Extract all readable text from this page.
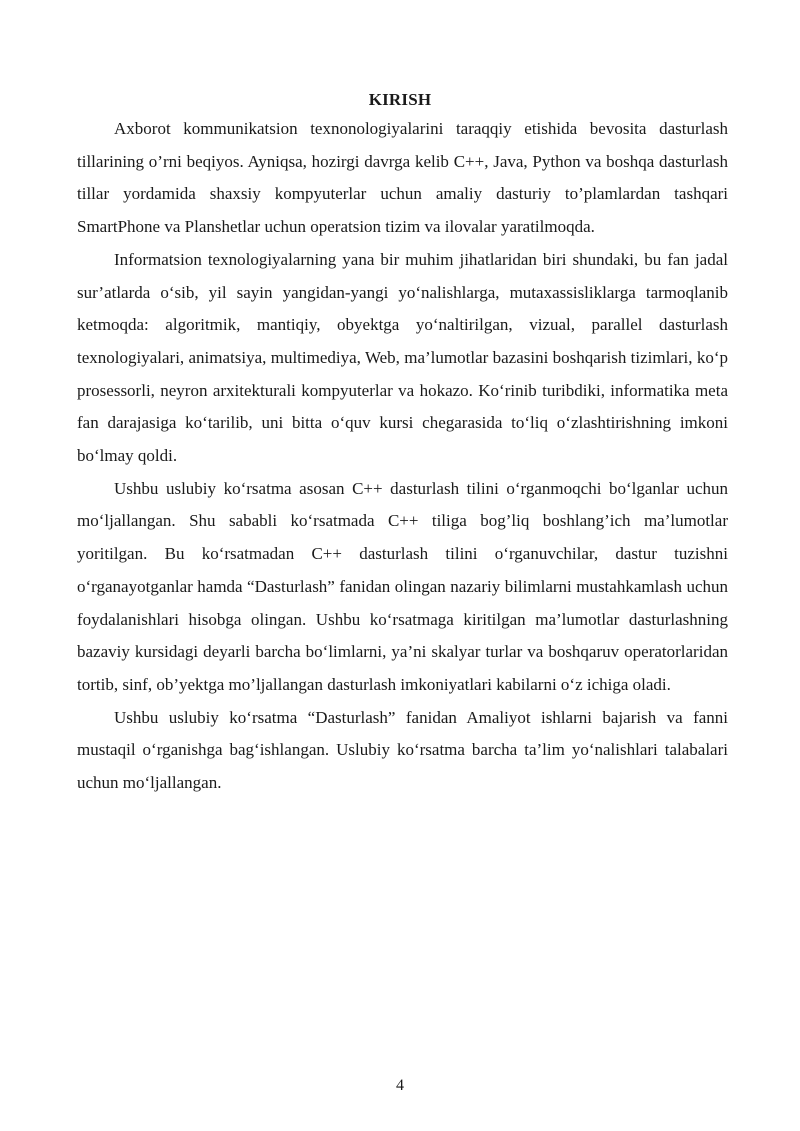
KIRISH

Axborot kommunikatsion texnonologiyalarini taraqqiy etishida bevosita dasturlash tillarining o’rni beqiyos. Ayniqsa, hozirgi davrga kelib C++, Java, Python va boshqa dasturlash tillar yordamida shaxsiy kompyuterlar uchun amaliy dasturiy to’plamlardan tashqari SmartPhone va Planshetlar uchun operatsion tizim va ilovalar yaratilmoqda.

Informatsion texnologiyalarning yana bir muhim jihatlaridan biri shundaki, bu fan jadal sur’atlarda o‘sib, yil sayin yangidan-yangi yo‘nalishlarga, mutaxassisliklarga tarmoqlanib ketmoqda: algoritmik, mantiqiy, obyektga yo‘naltirilgan, vizual, parallel dasturlash texnologiyalari, animatsiya, multimediya, Web, ma’lumotlar bazasini boshqarish tizimlari, ko‘p prosessorli, neyron arxitekturali kompyuterlar va hokazo. Ko‘rinib turibdiki, informatika meta fan darajasiga ko‘tarilib, uni bitta o‘quv kursi chegarasida to‘liq o‘zlashtirishning imkoni bo‘lmay qoldi.

Ushbu uslubiy ko‘rsatma asosan C++ dasturlash tilini o‘rganmoqchi bo‘lganlar uchun mo‘ljallangan. Shu sababli ko‘rsatmada C++ tiliga bog’liq boshlang’ich ma’lumotlar yoritilgan. Bu ko‘rsatmadan C++ dasturlash tilini o‘rganuvchilar, dastur tuzishni o‘rganayotganlar hamda “Dasturlash” fanidan olingan nazariy bilimlarni mustahkamlash uchun foydalanishlari hisobga olingan. Ushbu ko‘rsatmaga kiritilgan ma’lumotlar dasturlashning bazaviy kursidagi deyarli barcha bo‘limlarni, ya’ni skalyar turlar va boshqaruv operatorlaridan tortib, sinf, ob’yektga mo’ljallangan dasturlash imkoniyatlari kabilarni o‘z ichiga oladi.

Ushbu uslubiy ko‘rsatma “Dasturlash” fanidan Amaliyot ishlarni bajarish va fanni mustaqil o‘rganishga bag‘ishlangan. Uslubiy ko‘rsatma barcha ta’lim yo‘nalishlari talabalari uchun mo‘ljallangan.

4
